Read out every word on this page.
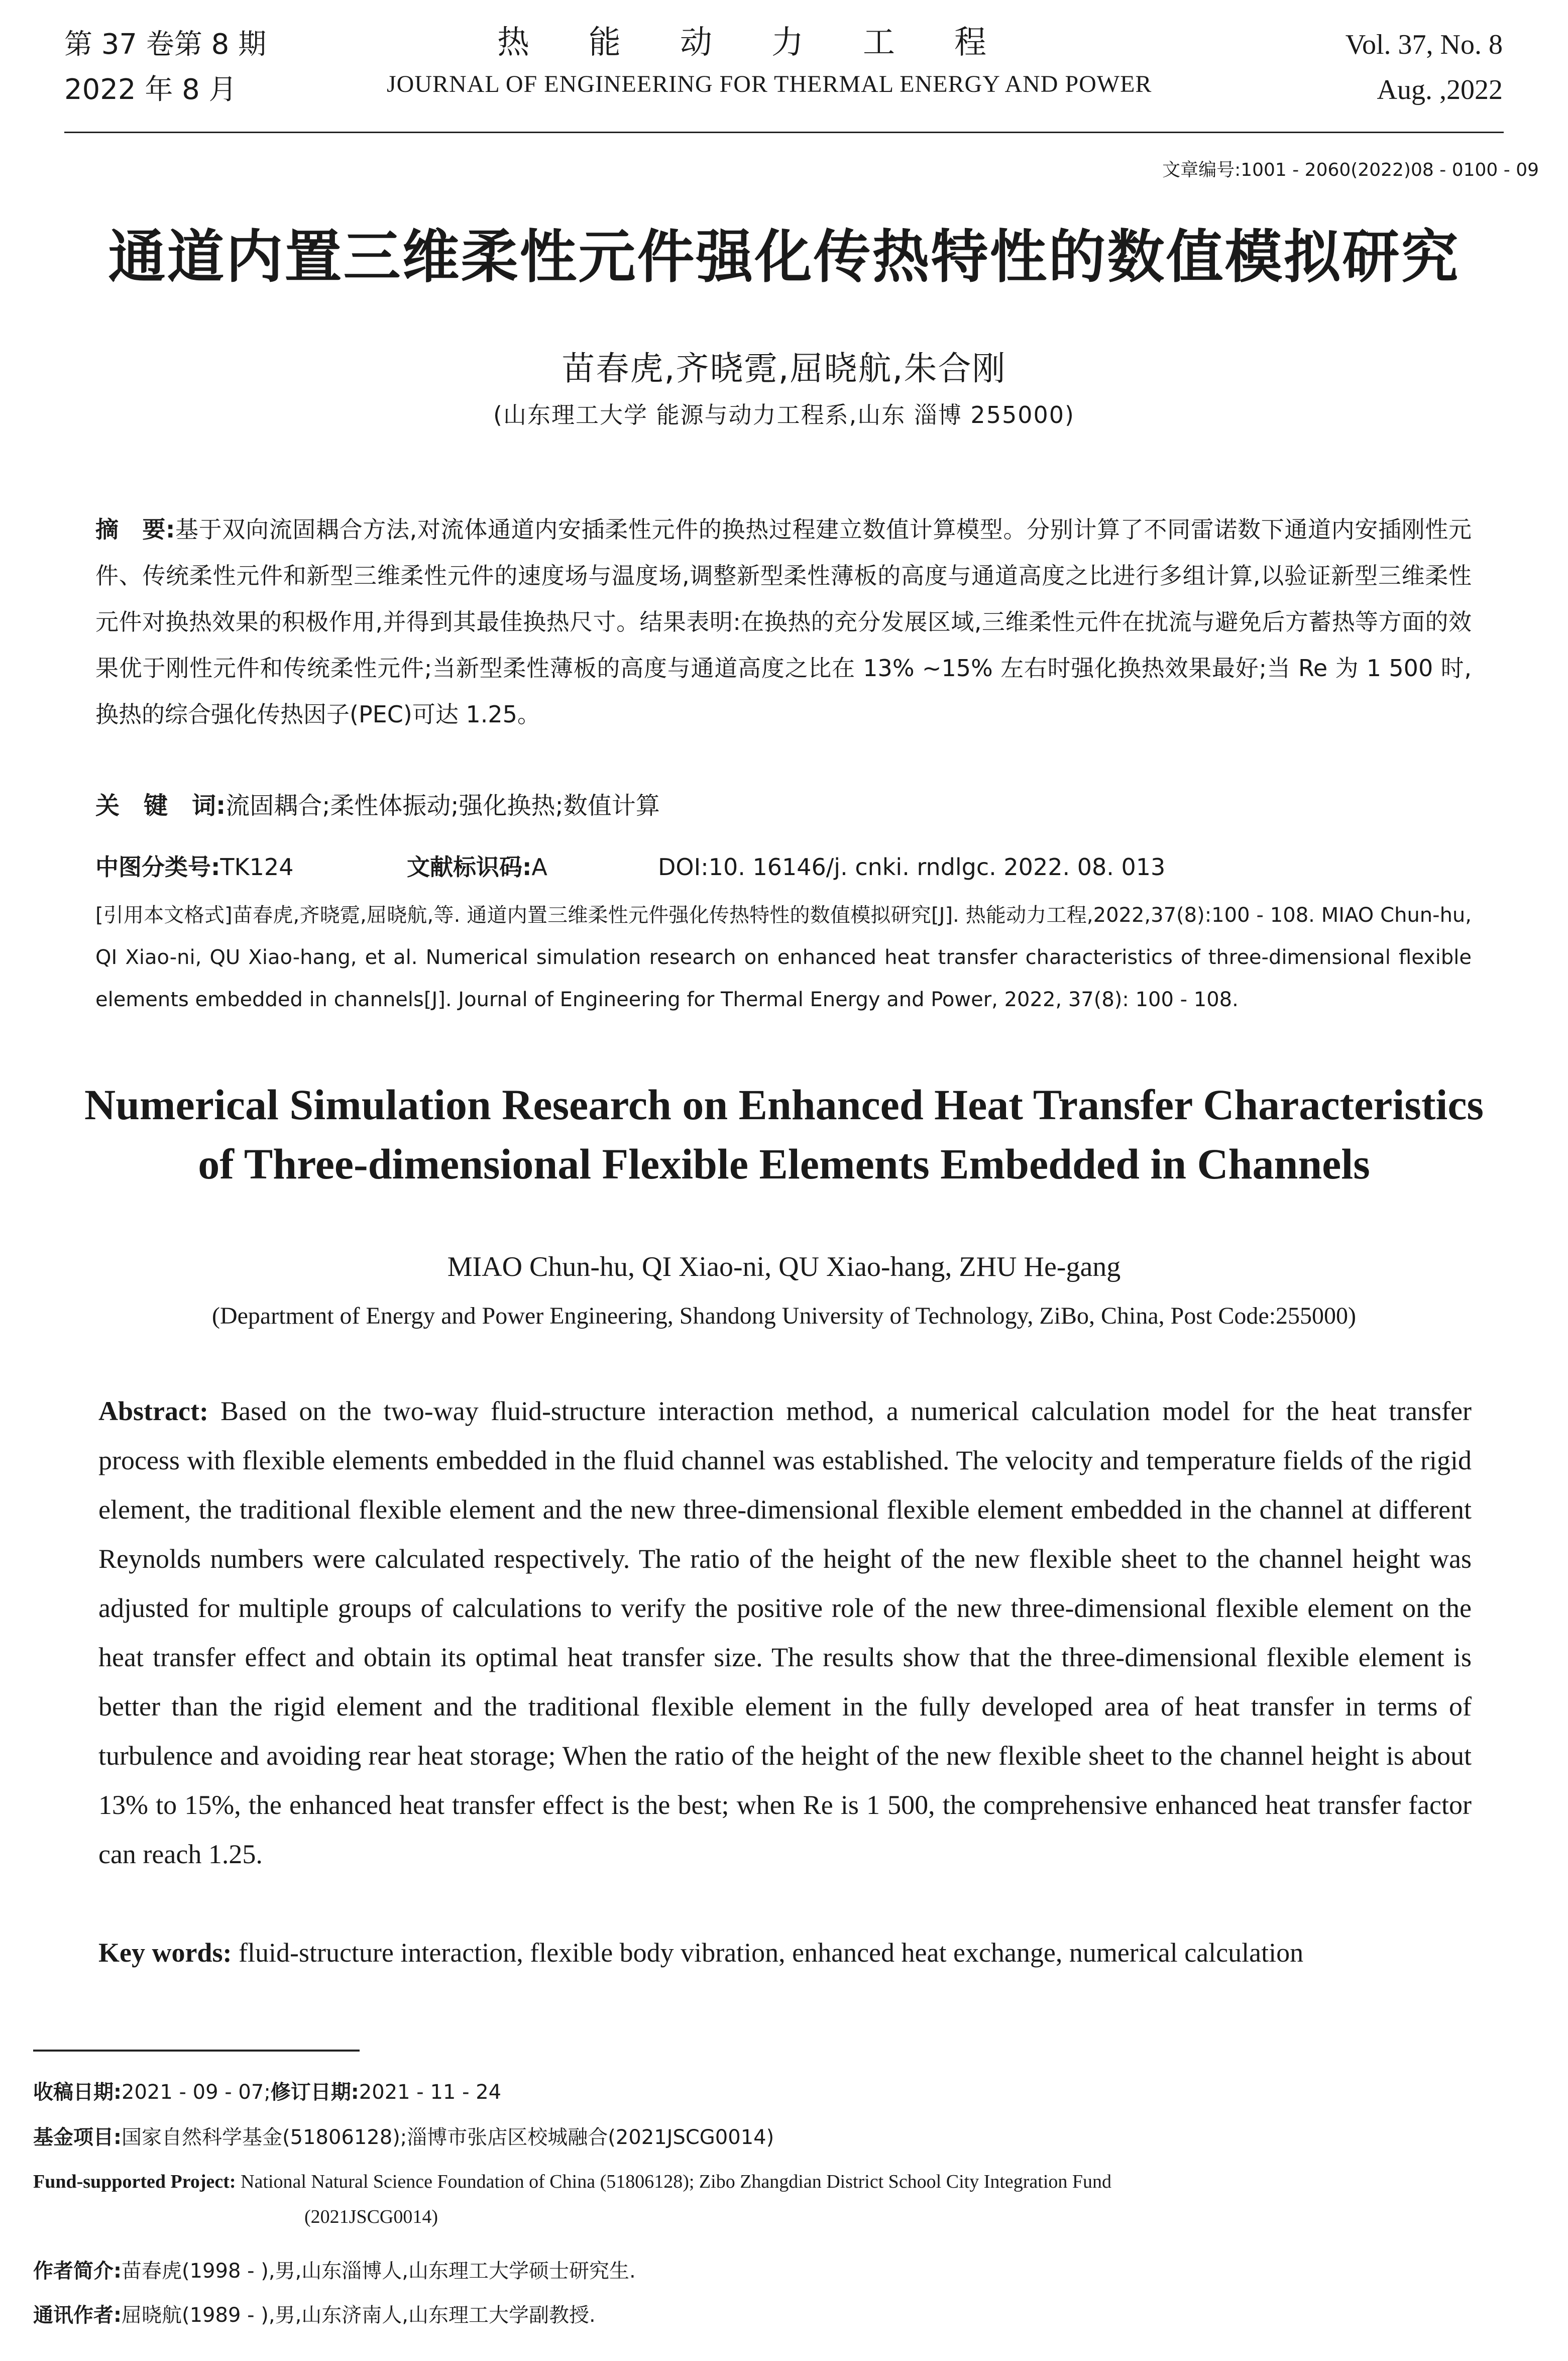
第 37 卷第 8 期
2022 年 8 月
热能动力工程
JOURNAL OF ENGINEERING FOR THERMAL ENERGY AND POWER
Vol. 37, No. 8
Aug. ,2022
文章编号:1001 - 2060(2022)08 - 0100 - 09
通道内置三维柔性元件强化传热特性的数值模拟研究
苗春虎,齐晓霓,屈晓航,朱合刚
(山东理工大学 能源与动力工程系,山东 淄博 255000)
摘　要:基于双向流固耦合方法,对流体通道内安插柔性元件的换热过程建立数值计算模型。分别计算了不同雷诺数下通道内安插刚性元件、传统柔性元件和新型三维柔性元件的速度场与温度场,调整新型柔性薄板的高度与通道高度之比进行多组计算,以验证新型三维柔性元件对换热效果的积极作用,并得到其最佳换热尺寸。结果表明:在换热的充分发展区域,三维柔性元件在扰流与避免后方蓄热等方面的效果优于刚性元件和传统柔性元件;当新型柔性薄板的高度与通道高度之比在 13% ~15% 左右时强化换热效果最好;当 Re 为 1 500 时,换热的综合强化传热因子(PEC)可达 1.25。
关　键　词:流固耦合;柔性体振动;强化换热;数值计算
中图分类号:TK124	文献标识码:A	DOI:10. 16146/j. cnki. rndlgc. 2022. 08. 013
[引用本文格式]苗春虎,齐晓霓,屈晓航,等. 通道内置三维柔性元件强化传热特性的数值模拟研究[J]. 热能动力工程,2022,37(8):100 - 108. MIAO Chun-hu, QI Xiao-ni, QU Xiao-hang, et al. Numerical simulation research on enhanced heat transfer characteristics of three-dimensional flexible elements embedded in channels[J]. Journal of Engineering for Thermal Energy and Power, 2022, 37(8): 100 - 108.
Numerical Simulation Research on Enhanced Heat Transfer Characteristics
of Three-dimensional Flexible Elements Embedded in Channels
MIAO Chun-hu, QI Xiao-ni, QU Xiao-hang, ZHU He-gang
(Department of Energy and Power Engineering, Shandong University of Technology, ZiBo, China, Post Code:255000)
Abstract: Based on the two-way fluid-structure interaction method, a numerical calculation model for the heat transfer process with flexible elements embedded in the fluid channel was established. The velocity and temperature fields of the rigid element, the traditional flexible element and the new three-dimensional flexible element embedded in the channel at different Reynolds numbers were calculated respectively. The ratio of the height of the new flexible sheet to the channel height was adjusted for multiple groups of calculations to verify the positive role of the new three-dimensional flexible element on the heat transfer effect and obtain its optimal heat transfer size. The results show that the three-dimensional flexible element is better than the rigid element and the traditional flexible element in the fully developed area of heat transfer in terms of turbulence and avoiding rear heat storage; When the ratio of the height of the new flexible sheet to the channel height is about 13% to 15%, the enhanced heat transfer effect is the best; when Re is 1 500, the comprehensive enhanced heat transfer factor can reach 1.25.
Key words: fluid-structure interaction, flexible body vibration, enhanced heat exchange, numerical calculation
收稿日期:2021 - 09 - 07;修订日期:2021 - 11 - 24
基金项目:国家自然科学基金(51806128);淄博市张店区校城融合(2021JSCG0014)
Fund-supported Project: National Natural Science Foundation of China (51806128); Zibo Zhangdian District School City Integration Fund
(2021JSCG0014)
作者简介:苗春虎(1998 - ),男,山东淄博人,山东理工大学硕士研究生.
通讯作者:屈晓航(1989 - ),男,山东济南人,山东理工大学副教授.
